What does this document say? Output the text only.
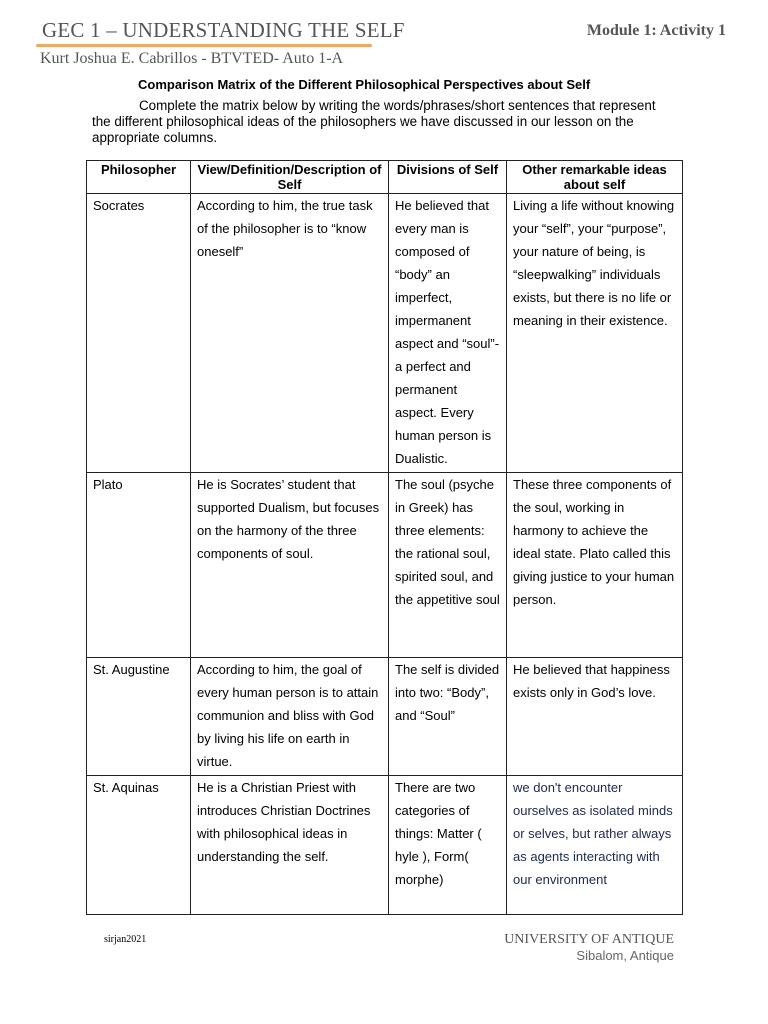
GEC 1 – UNDERSTANDING THE SELF	Module 1: Activity 1
Kurt Joshua E. Cabrillos - BTVTED- Auto 1-A
Comparison Matrix of the Different Philosophical Perspectives about Self
Complete the matrix below by writing the words/phrases/short sentences that represent the different philosophical ideas of the philosophers we have discussed in our lesson on the appropriate columns.
Philosopher	View/Definition/Description of Self	Divisions of Self	Other remarkable ideas about self
Socrates	According to him, the true task of the philosopher is to “know oneself”	He believed that every man is composed of “body” an imperfect, impermanent aspect and “soul”- a perfect and permanent aspect. Every human person is Dualistic.	Living a life without knowing your “self”, your “purpose”, your nature of being, is “sleepwalking” individuals exists, but there is no life or meaning in their existence.
Plato	He is Socrates’ student that supported Dualism, but focuses on the harmony of the three components of soul.	The soul (psyche in Greek) has three elements: the rational soul, spirited soul, and the appetitive soul	These three components of the soul, working in harmony to achieve the ideal state. Plato called this giving justice to your human person.
St. Augustine	According to him, the goal of every human person is to attain communion and bliss with God by living his life on earth in virtue.	The self is divided into two: “Body”, and “Soul”	He believed that happiness exists only in God’s love.
St. Aquinas	He is a Christian Priest with introduces Christian Doctrines with philosophical ideas in understanding the self.	There are two categories of things: Matter ( hyle ), Form( morphe)	we don't encounter ourselves as isolated minds or selves, but rather always as agents interacting with our environment
sirjan2021	UNIVERSITY OF ANTIQUE
Sibalom, Antique
